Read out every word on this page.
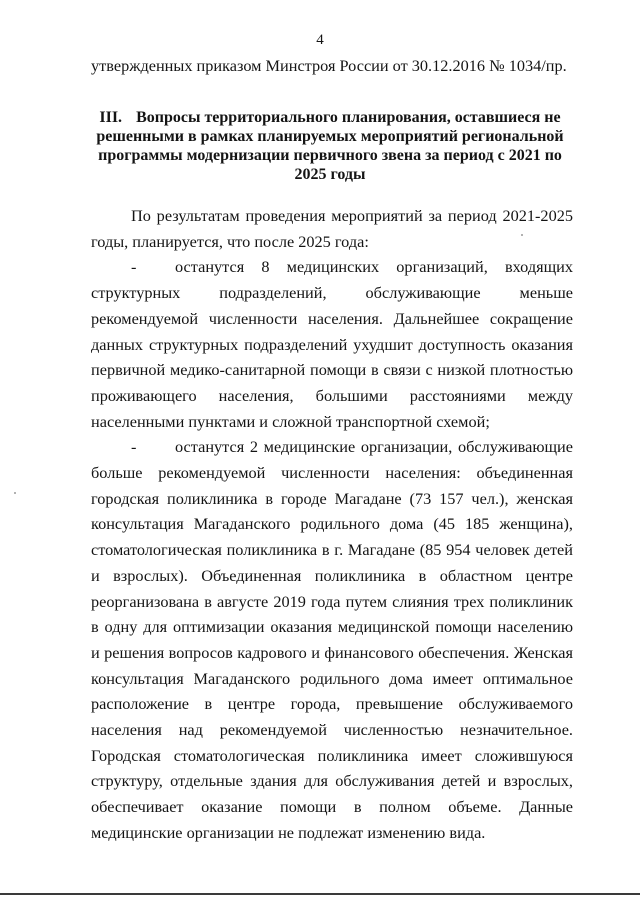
4
утвержденных приказом Минстроя России от 30.12.2016 № 1034/пр.
III. Вопросы территориального планирования, оставшиеся не решенными в рамках планируемых мероприятий региональной программы модернизации первичного звена за период с 2021 по 2025 годы

По результатам проведения мероприятий за период 2021-2025 годы, планируется, что после 2025 года:

- останутся 8 медицинских организаций, входящих структурных подразделений, обслуживающие меньше рекомендуемой численности населения. Дальнейшее сокращение данных структурных подразделений ухудшит доступность оказания первичной медико-санитарной помощи в связи с низкой плотностью проживающего населения, большими расстояниями между населенными пунктами и сложной транспортной схемой;

- останутся 2 медицинские организации, обслуживающие больше рекомендуемой численности населения: объединенная городская поликлиника в городе Магадане (73 157 чел.), женская консультация Магаданского родильного дома (45 185 женщина), стоматологическая поликлиника в г. Магадане (85 954 человек детей и взрослых). Объединенная поликлиника в областном центре реорганизована в августе 2019 года путем слияния трех поликлиник в одну для оптимизации оказания медицинской помощи населению и решения вопросов кадрового и финансового обеспечения. Женская консультация Магаданского родильного дома имеет оптимальное расположение в центре города, превышение обслуживаемого населения над рекомендуемой численностью незначительное. Городская стоматологическая поликлиника имеет сложившуюся структуру, отдельные здания для обслуживания детей и взрослых, обеспечивает оказание помощи в полном объеме. Данные медицинские организации не подлежат изменению вида.
